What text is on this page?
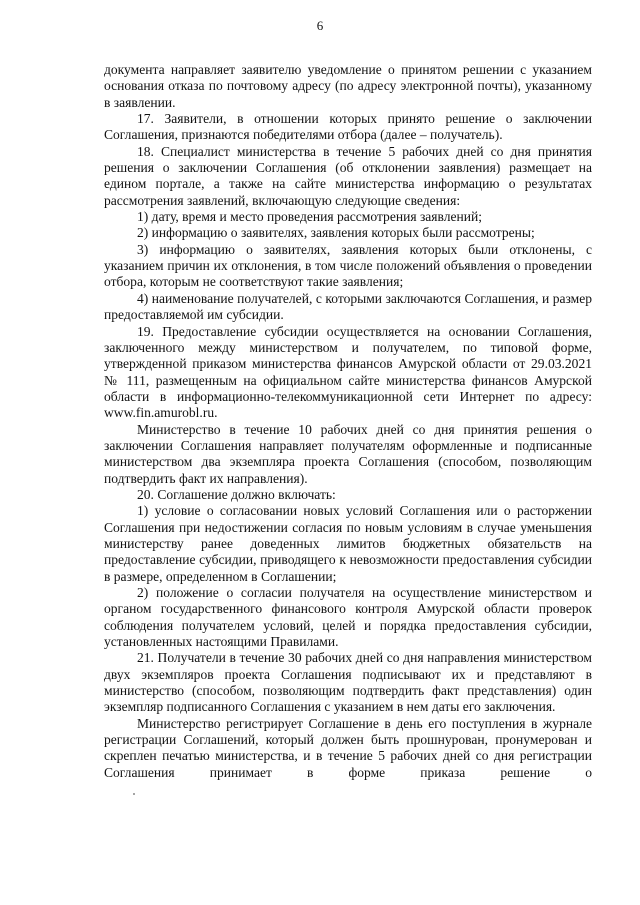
6

документа направляет заявителю уведомление о принятом решении с указанием основания отказа по почтовому адресу (по адресу электронной почты), указанному в заявлении.

17. Заявители, в отношении которых принято решение о заключении Соглашения, признаются победителями отбора (далее – получатель).

18. Специалист министерства в течение 5 рабочих дней со дня принятия решения о заключении Соглашения (об отклонении заявления) размещает на едином портале, а также на сайте министерства информацию о результатах рассмотрения заявлений, включающую следующие сведения:

1) дату, время и место проведения рассмотрения заявлений;

2) информацию о заявителях, заявления которых были рассмотрены;

3) информацию о заявителях, заявления которых были отклонены, с указанием причин их отклонения, в том числе положений объявления о проведении отбора, которым не соответствуют такие заявления;

4) наименование получателей, с которыми заключаются Соглашения, и размер предоставляемой им субсидии.

19. Предоставление субсидии осуществляется на основании Соглашения, заключенного между министерством и получателем, по типовой форме, утвержденной приказом министерства финансов Амурской области от 29.03.2021 № 111, размещенным на официальном сайте министерства финансов Амурской области в информационно-телекоммуникационной сети Интернет по адресу: www.fin.amurobl.ru.

Министерство в течение 10 рабочих дней со дня принятия решения о заключении Соглашения направляет получателям оформленные и подписанные министерством два экземпляра проекта Соглашения (способом, позволяющим подтвердить факт их направления).

20. Соглашение должно включать:

1) условие о согласовании новых условий Соглашения или о расторжении Соглашения при недостижении согласия по новым условиям в случае уменьшения министерству ранее доведенных лимитов бюджетных обязательств на предоставление субсидии, приводящего к невозможности предоставления субсидии в размере, определенном в Соглашении;

2) положение о согласии получателя на осуществление министерством и органом государственного финансового контроля Амурской области проверок соблюдения получателем условий, целей и порядка предоставления субсидии, установленных настоящими Правилами.

21. Получатели в течение 30 рабочих дней со дня направления министерством двух экземпляров проекта Соглашения подписывают их и представляют в министерство (способом, позволяющим подтвердить факт представления) один экземпляр подписанного Соглашения с указанием в нем даты его заключения.

Министерство регистрирует Соглашение в день его поступления в журнале регистрации Соглашений, который должен быть прошнурован, пронумерован и скреплен печатью министерства, и в течение 5 рабочих дней со дня регистрации Соглашения принимает в форме приказа решение о
